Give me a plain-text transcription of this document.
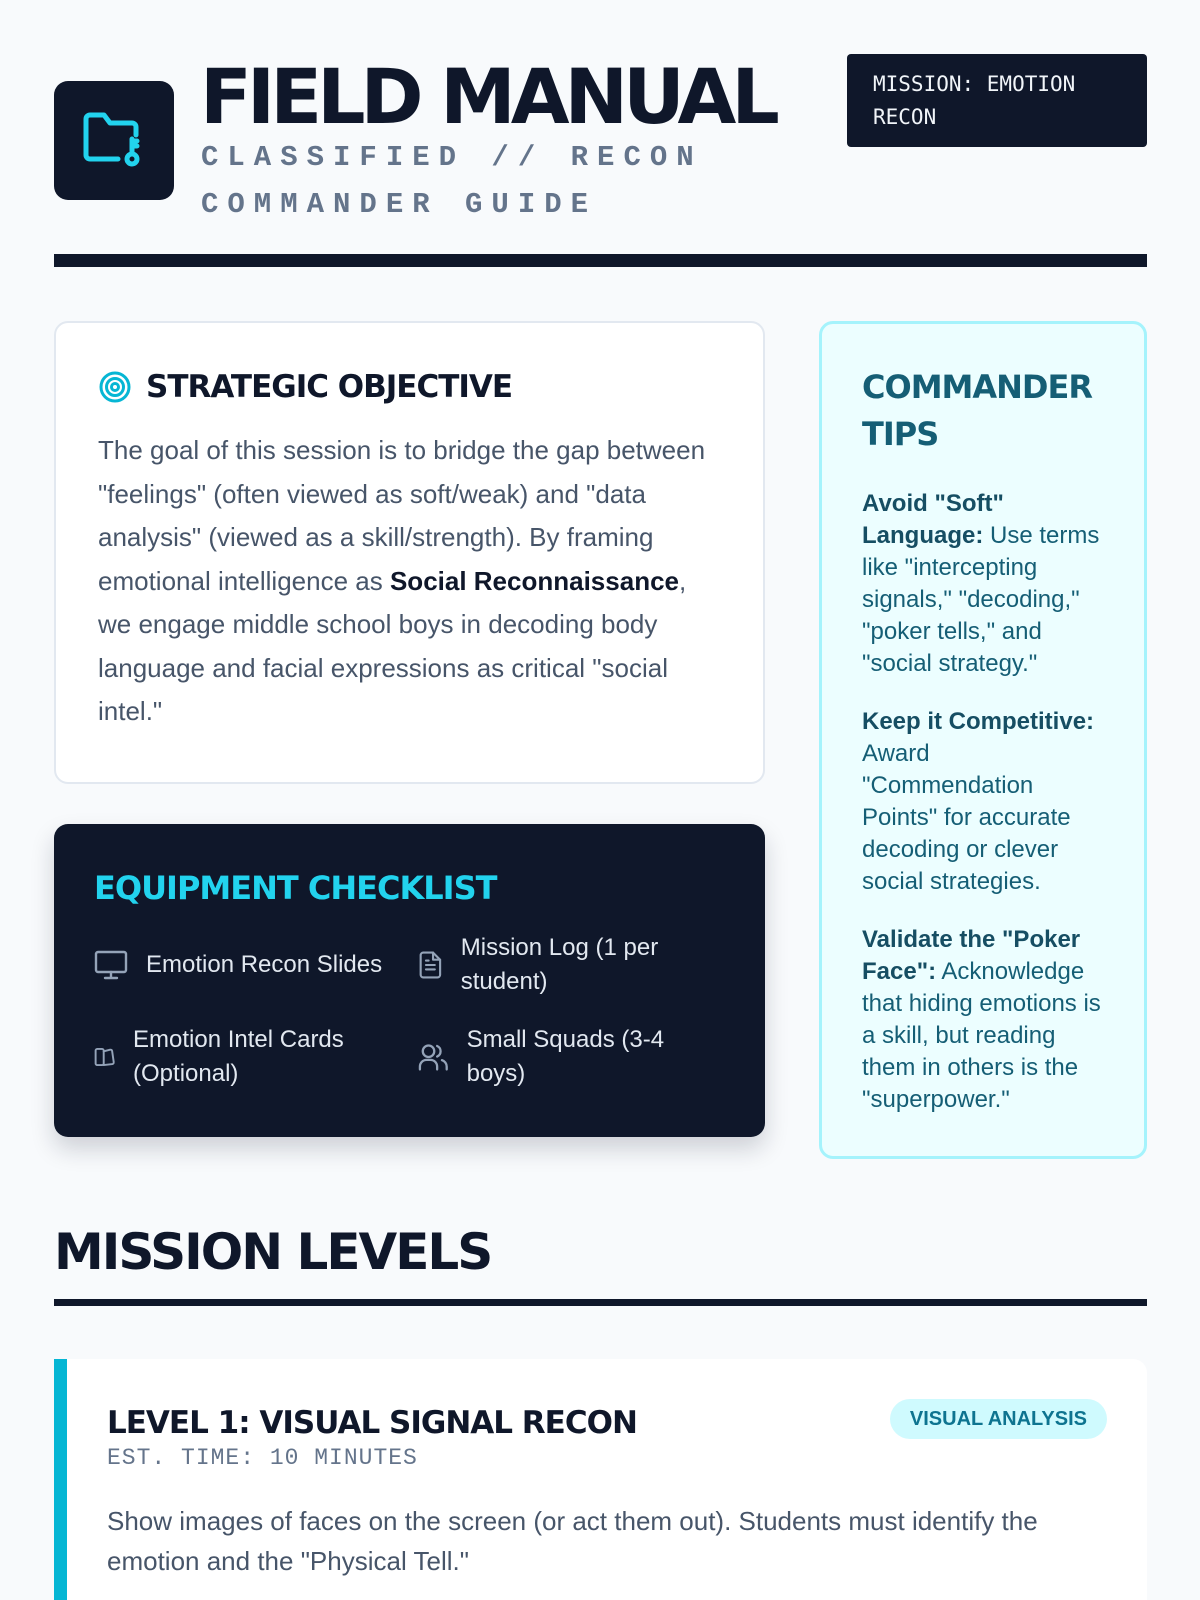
FIELD MANUAL
CLASSIFIED // RECON COMMANDER GUIDE
MISSION: EMOTION RECON
STRATEGIC OBJECTIVE

The goal of this session is to bridge the gap between "feelings" (often viewed as soft/weak) and "data analysis" (viewed as a skill/strength). By framing emotional intelligence as Social Reconnaissance, we engage middle school boys in decoding body language and facial expressions as critical "social intel."

EQUIPMENT CHECKLIST
Emotion Recon Slides
Mission Log (1 per student)
Emotion Intel Cards (Optional)
Small Squads (3-4 boys)
COMMANDER TIPS

Avoid "Soft" Language: Use terms like "intercepting signals," "decoding," "poker tells," and "social strategy."

Keep it Competitive: Award "Commendation Points" for accurate decoding or clever social strategies.

Validate the "Poker Face": Acknowledge that hiding emotions is a skill, but reading them in others is the "superpower."

MISSION LEVELS
LEVEL 1: VISUAL SIGNAL RECON
EST. TIME: 10 MINUTES
VISUAL ANALYSIS

Show images of faces on the screen (or act them out). Students must identify the emotion and the "Physical Tell."
